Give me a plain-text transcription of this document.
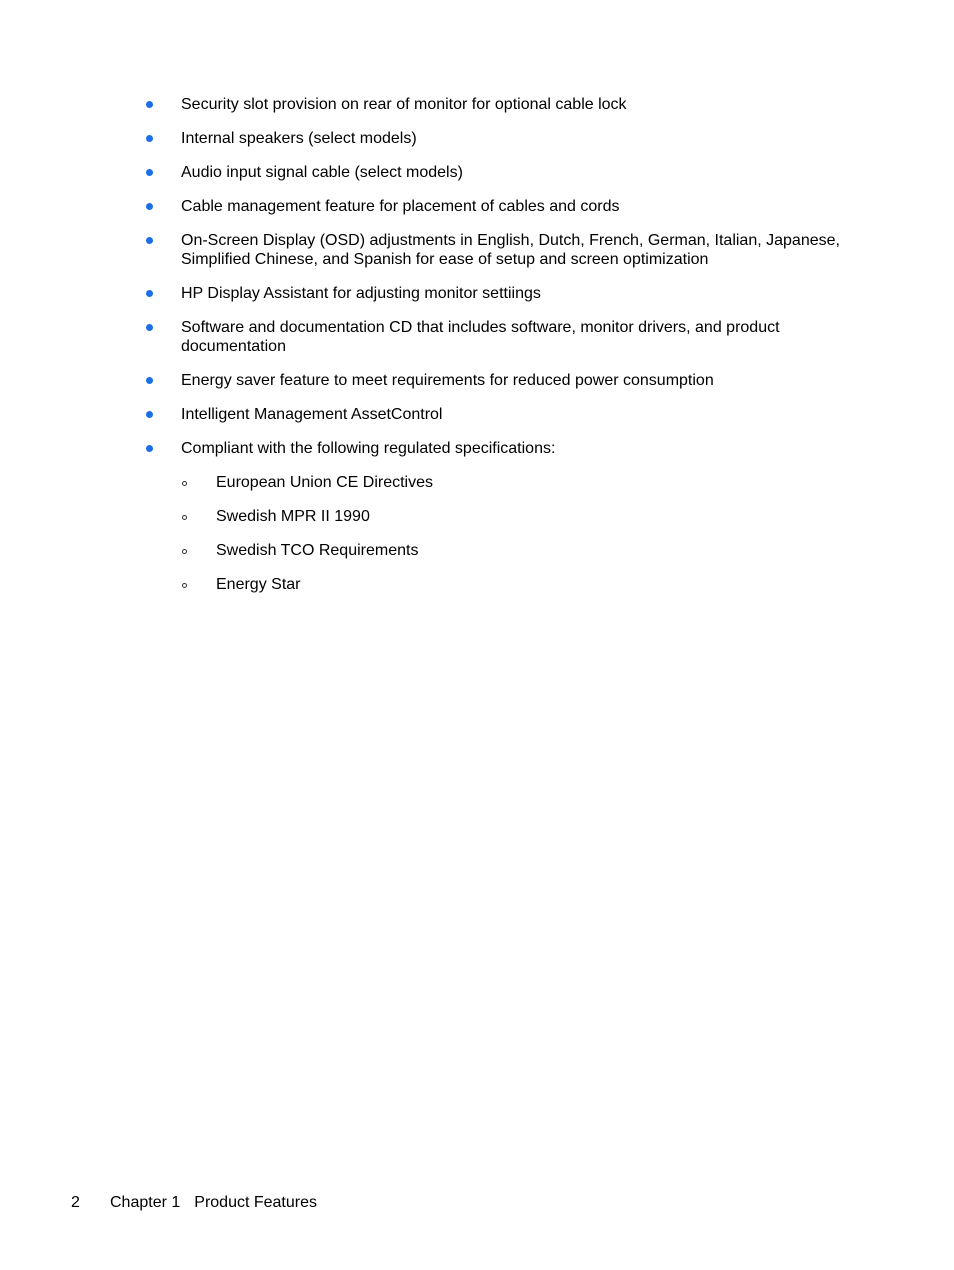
Security slot provision on rear of monitor for optional cable lock
Internal speakers (select models)
Audio input signal cable (select models)
Cable management feature for placement of cables and cords
On-Screen Display (OSD) adjustments in English, Dutch, French, German, Italian, Japanese, Simplified Chinese, and Spanish for ease of setup and screen optimization
HP Display Assistant for adjusting monitor settiings
Software and documentation CD that includes software, monitor drivers, and product documentation
Energy saver feature to meet requirements for reduced power consumption
Intelligent Management AssetControl
Compliant with the following regulated specifications:
European Union CE Directives
Swedish MPR II 1990
Swedish TCO Requirements
Energy Star
2 Chapter 1 Product Features
